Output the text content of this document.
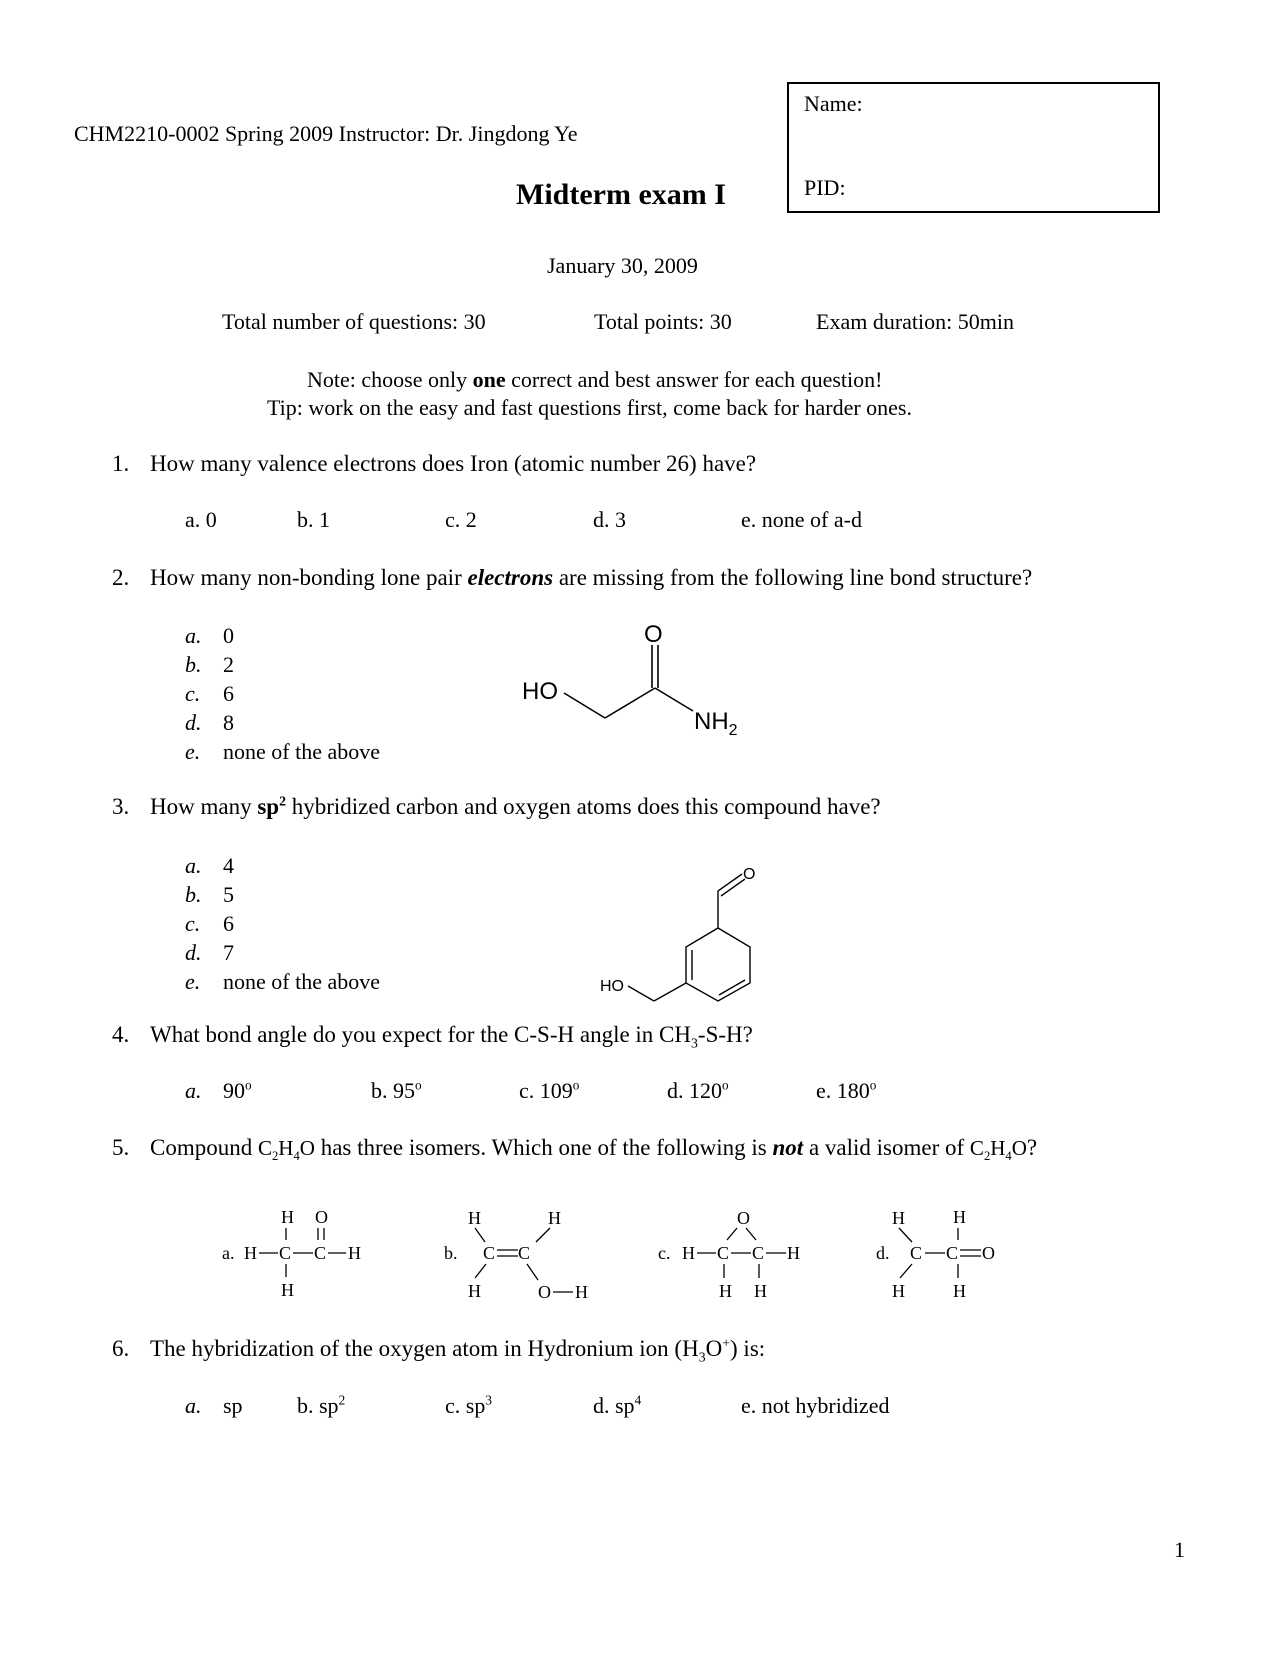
CHM2210-0002 Spring 2009 Instructor: Dr. Jingdong Ye
Name:
PID:
Midterm exam I
January 30, 2009
Total number of questions: 30	Total points: 30	Exam duration: 50min
Note: choose only one correct and best answer for each question!
Tip: work on the easy and fast questions first, come back for harder ones.
1. How many valence electrons does Iron (atomic number 26) have?
a. 0	b. 1	c. 2	d. 3	e. none of a-d
2. How many non-bonding lone pair electrons are missing from the following line bond structure?
a. 0
b. 2
c. 6
d. 8
e. none of the above
HO
O
$NH_2$
3. How many $sp^2$ hybridized carbon and oxygen atoms does this compound have?
a. 4
b. 5
c. 6
d. 7
e. none of the above	HO
O
4. What bond angle do you expect for the C-S-H angle in $CH_3-S-H$?
a. 90$^o$	b. 95$^o$	c. 109$^o$	d. 120$^o$	e. 180$^o$
5. Compound $C_2H_4O$ has three isomers. Which one of the following is not a valid isomer of $C_2H_4O$?
a. H C C H
H O
H
b.
H
C C
H
H
O H
c. H C C H
O
H H
d.
H
C
H
C
H
O
H
6. The hybridization of the oxygen atom in Hydronium ion $(H_3O^+)$ is:
a. sp b. $sp^2$	c. $sp^3$	d. $sp^4$	e. not hybridized
1
